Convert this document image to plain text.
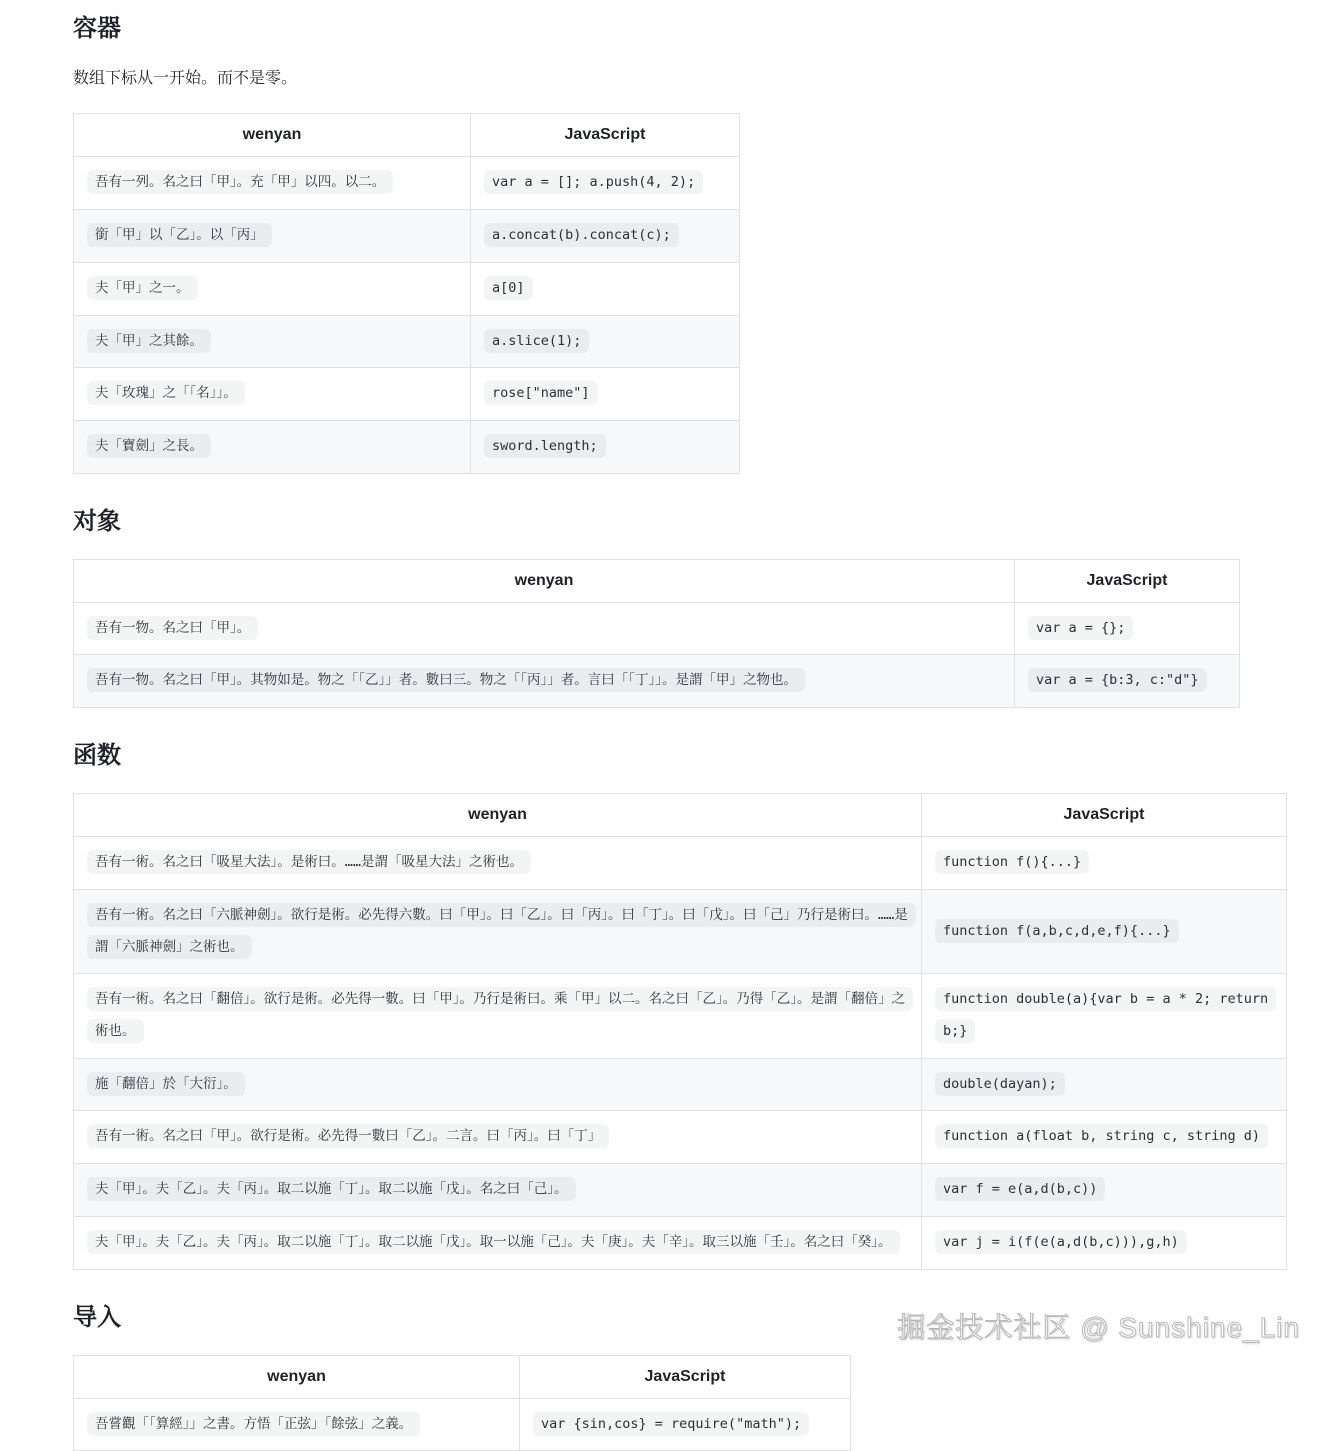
容器

数组下标从一开始。而不是零。

wenyan	JavaScript
吾有一列。名之曰「甲」。充「甲」以四。以二。	var a = []; a.push(4, 2);
銜「甲」以「乙」。以「丙」	a.concat(b).concat(c);
夫「甲」之一。	a[0]
夫「甲」之其餘。	a.slice(1);
夫「玫瑰」之「「名」」。	rose["name"]
夫「寶劍」之長。	sword.length;
对象
wenyan	JavaScript
吾有一物。名之曰「甲」。	var a = {};
吾有一物。名之曰「甲」。其物如是。物之「「乙」」者。數曰三。物之「「丙」」者。言曰「「丁」」。是謂「甲」之物也。	var a = {b:3, c:"d"}
函数
wenyan	JavaScript
吾有一術。名之曰「吸星大法」。是術曰。……是謂「吸星大法」之術也。	function f(){...}
吾有一術。名之曰「六脈神劍」。欲行是術。必先得六數。曰「甲」。曰「乙」。曰「丙」。曰「丁」。曰「戊」。曰「己」乃行是術曰。……是謂「六脈神劍」之術也。	function f(a,b,c,d,e,f){...}
吾有一術。名之曰「翻倍」。欲行是術。必先得一數。曰「甲」。乃行是術曰。乘「甲」以二。名之曰「乙」。乃得「乙」。是謂「翻倍」之術也。	function double(a){var b = a * 2; return b;}
施「翻倍」於「大衍」。	double(dayan);
吾有一術。名之曰「甲」。欲行是術。必先得一數曰「乙」。二言。曰「丙」。曰「丁」	function a(float b, string c, string d)
夫「甲」。夫「乙」。夫「丙」。取二以施「丁」。取二以施「戊」。名之曰「己」。	var f = e(a,d(b,c))
夫「甲」。夫「乙」。夫「丙」。取二以施「丁」。取二以施「戊」。取一以施「己」。夫「庚」。夫「辛」。取三以施「壬」。名之曰「癸」。	var j = i(f(e(a,d(b,c))),g,h)
导入
wenyan	JavaScript
吾嘗觀「「算經」」之書。方悟「正弦」「餘弦」之義。	var {sin,cos} = require("math");
掘金技术社区 @ Sunshine_Lin
